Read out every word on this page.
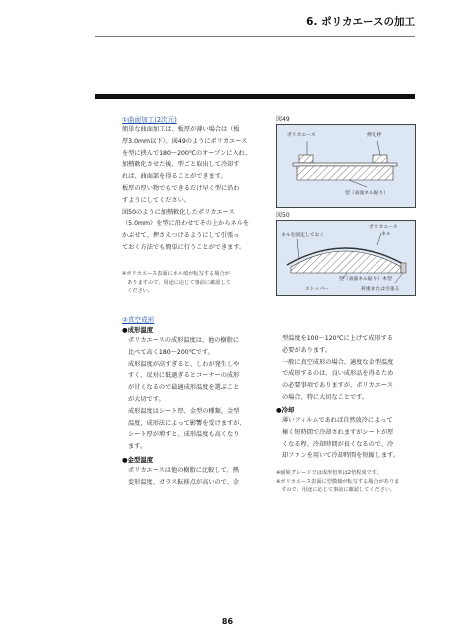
6. ポリカエースの加工
①曲面加工(2次元)
簡単な曲面加工は、板厚が薄い場合は（板
厚3.0mm以下）、図49のようにポリカエース
を型に挟んで180～200℃のオーブンに入れ、
加熱軟化させた後、型ごと取出して冷却す
れば、曲面部を得ることができます。
板厚の厚い物でもできるだけ早く型に沿わ
すようにしてください。
図50のように加熱軟化したポリカエース
（5.0mm）を型に沿わせてその上からネルを
かぶせて、押さえつけるようにして引張っ
ておく方法でも簡単に行うことができます。
※ポリカエース表面にネル痕が転写する場合が
　ありますので、用途に応じて事前に確認して
　ください。
図49
ポリカエース	押え枠
型（表面ネル貼り）
図50
ポリカエース
ネル
ネルを固定しておく
型（表面ネル貼り）木型
ストッパー	荷重または引張る
②真空成形
●成形温度
ポリカエースの成形温度は、他の樹脂に
比べて高く180～200℃です。
成形温度が高すぎると、しわが発生しや
すく、反対に低過ぎるとコーナーの成形
が甘くなるので最適成形温度を選ぶこと
が大切です。
成形温度はシート厚、金型の種類、金型
温度、成形法によって影響を受けますが、
シート厚が増すと、成形温度も高くなり
ます。
●金型温度
ポリカエースは他の樹脂に比較して、熱
変形温度、ガラス転移点が高いので、金
型温度を100～120℃に上げて成形する
必要があります。
一般に真空成形の場合、適度な金型温度
で成形するのは、良い成形品を得るため
の必要事項でありますが、ポリカエース
の場合、特に大切なことです。
●冷却
薄いフィルムであれば自然放冷によって
極く短時間で冷却されますがシートが厚
くなる程、冷却時間が長くなるので、冷
却ファンを用いて冷却時間を短縮します。
※耐候グレードでは成形倍率は2倍程度です。
※ポリカエース表面に型模様が転写する場合がありま
　すので、用途に応じて事前に確認してください。
86
